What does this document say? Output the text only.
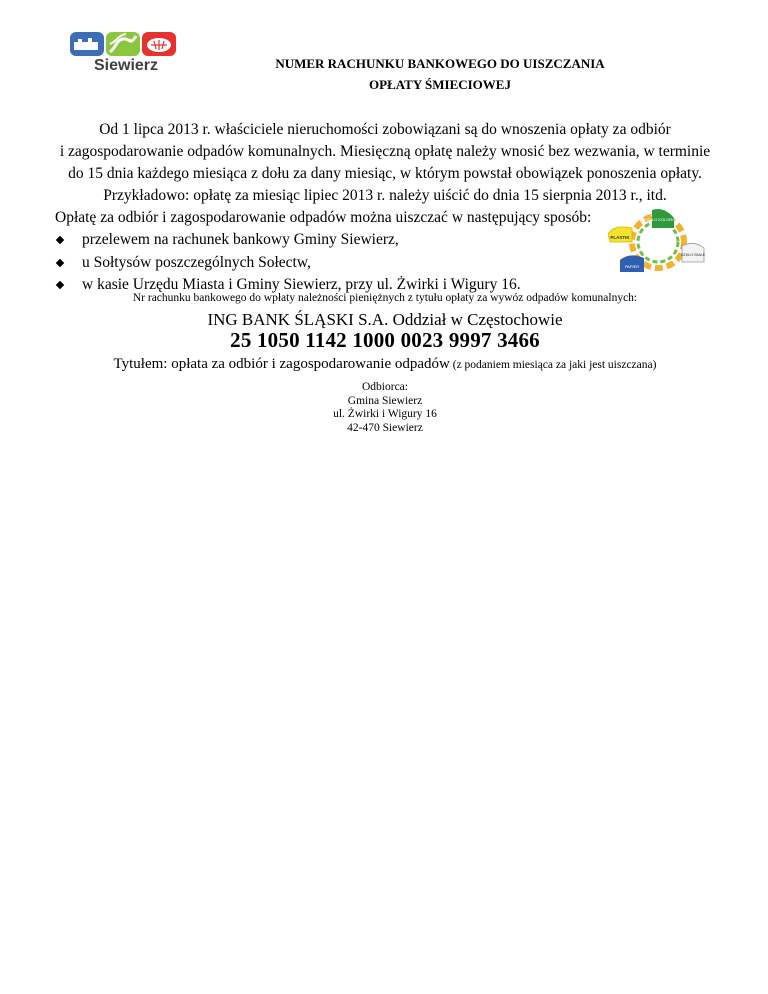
Siewierz	NUMER RACHUNKU BANKOWEGO DO UISZCZANIA
OPŁATY ŚMIECIOWEJ
Od 1 lipca 2013 r. właściciele nieruchomości zobowiązani są do wnoszenia opłaty za odbiór
i zagospodarowanie odpadów komunalnych. Miesięczną opłatę należy wnosić bez wezwania, w terminie
do 15 dnia każdego miesiąca z dołu za dany miesiąc, w którym powstał obowiązek ponoszenia opłaty.
Przykładowo: opłatę za miesiąc lipiec 2013 r. należy uiścić do dnia 15 sierpnia 2013 r., itd.
Opłatę za odbiór i zagospodarowanie odpadów można uiszczać w następujący sposób:
przelewem na rachunek bankowy Gminy Siewierz,
u Sołtysów poszczególnych Sołectw,
w kasie Urzędu Miasta i Gminy Siewierz, przy ul. Żwirki i Wigury 16.
SZKŁO KOLOROWE
PLASTIK
SZKŁO BIAŁE
PAPIER
Nr rachunku bankowego do wpłaty należności pieniężnych z tytułu opłaty za wywóz odpadów komunalnych:
ING BANK ŚLĄSKI S.A. Oddział w Częstochowie
25 1050 1142 1000 0023 9997 3466
Tytułem: opłata za odbiór i zagospodarowanie odpadów (z podaniem miesiąca za jaki jest uiszczana)
Odbiorca:
Gmina Siewierz
ul. Żwirki i Wigury 16
42-470 Siewierz
